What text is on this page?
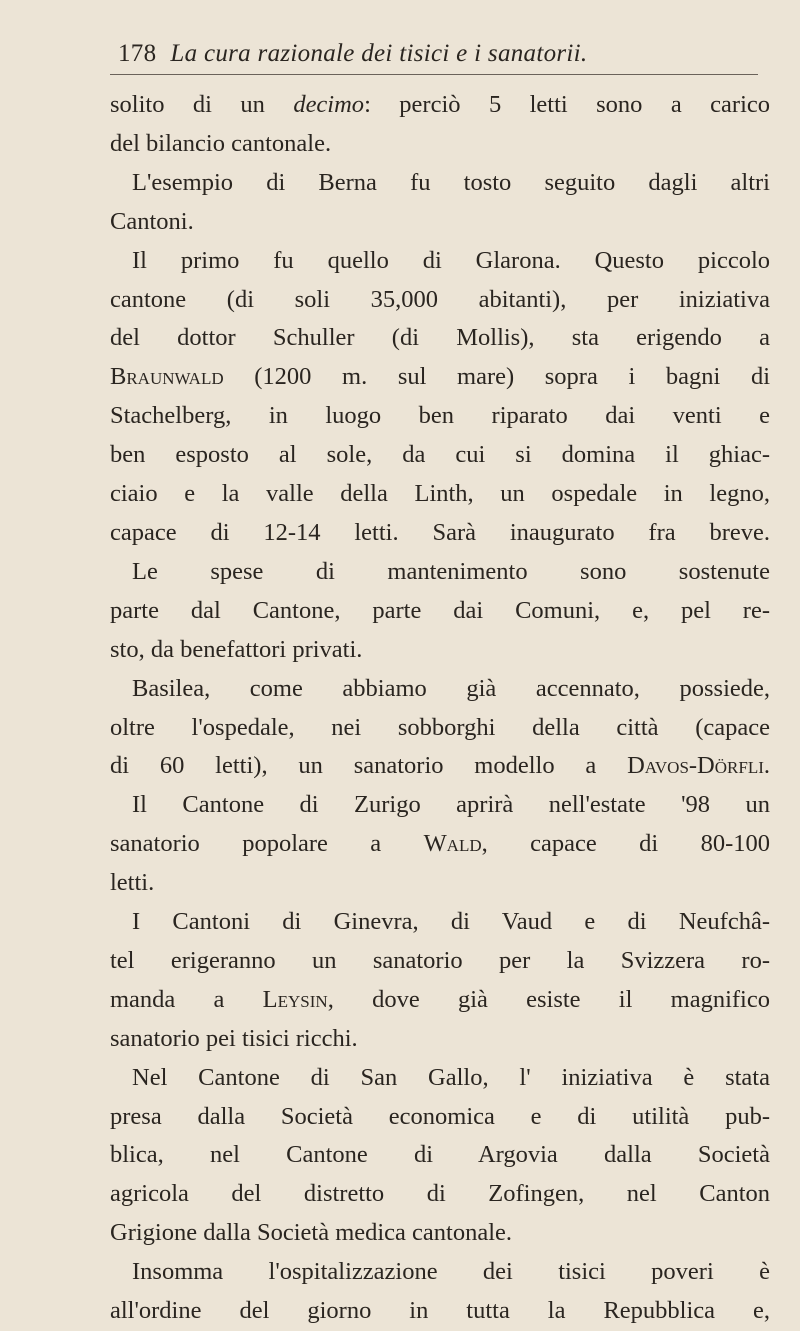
178 La cura razionale dei tisici e i sanatorii.
solito di un decimo: perciò 5 letti sono a carico
del bilancio cantonale.
L'esempio di Berna fu tosto seguito dagli altri
Cantoni.
Il primo fu quello di Glarona. Questo piccolo
cantone (di soli 35,000 abitanti), per iniziativa
del dottor Schuller (di Mollis), sta erigendo a
Braunwald (1200 m. sul mare) sopra i bagni di
Stachelberg, in luogo ben riparato dai venti e
ben esposto al sole, da cui si domina il ghiac-
ciaio e la valle della Linth, un ospedale in legno,
capace di 12-14 letti. Sarà inaugurato fra breve.
Le spese di mantenimento sono sostenute
parte dal Cantone, parte dai Comuni, e, pel re-
sto, da benefattori privati.
Basilea, come abbiamo già accennato, possiede,
oltre l'ospedale, nei sobborghi della città (capace
di 60 letti), un sanatorio modello a Davos-Dörfli.
Il Cantone di Zurigo aprirà nell'estate '98 un
sanatorio popolare a Wald, capace di 80-100
letti.
I Cantoni di Ginevra, di Vaud e di Neufchâ-
tel erigeranno un sanatorio per la Svizzera ro-
manda a Leysin, dove già esiste il magnifico
sanatorio pei tisici ricchi.
Nel Cantone di San Gallo, l' iniziativa è stata
presa dalla Società economica e di utilità pub-
blica, nel Cantone di Argovia dalla Società
agricola del distretto di Zofingen, nel Canton
Grigione dalla Società medica cantonale.
Insomma l'ospitalizzazione dei tisici poveri è
all'ordine del giorno in tutta la Repubblica e,
